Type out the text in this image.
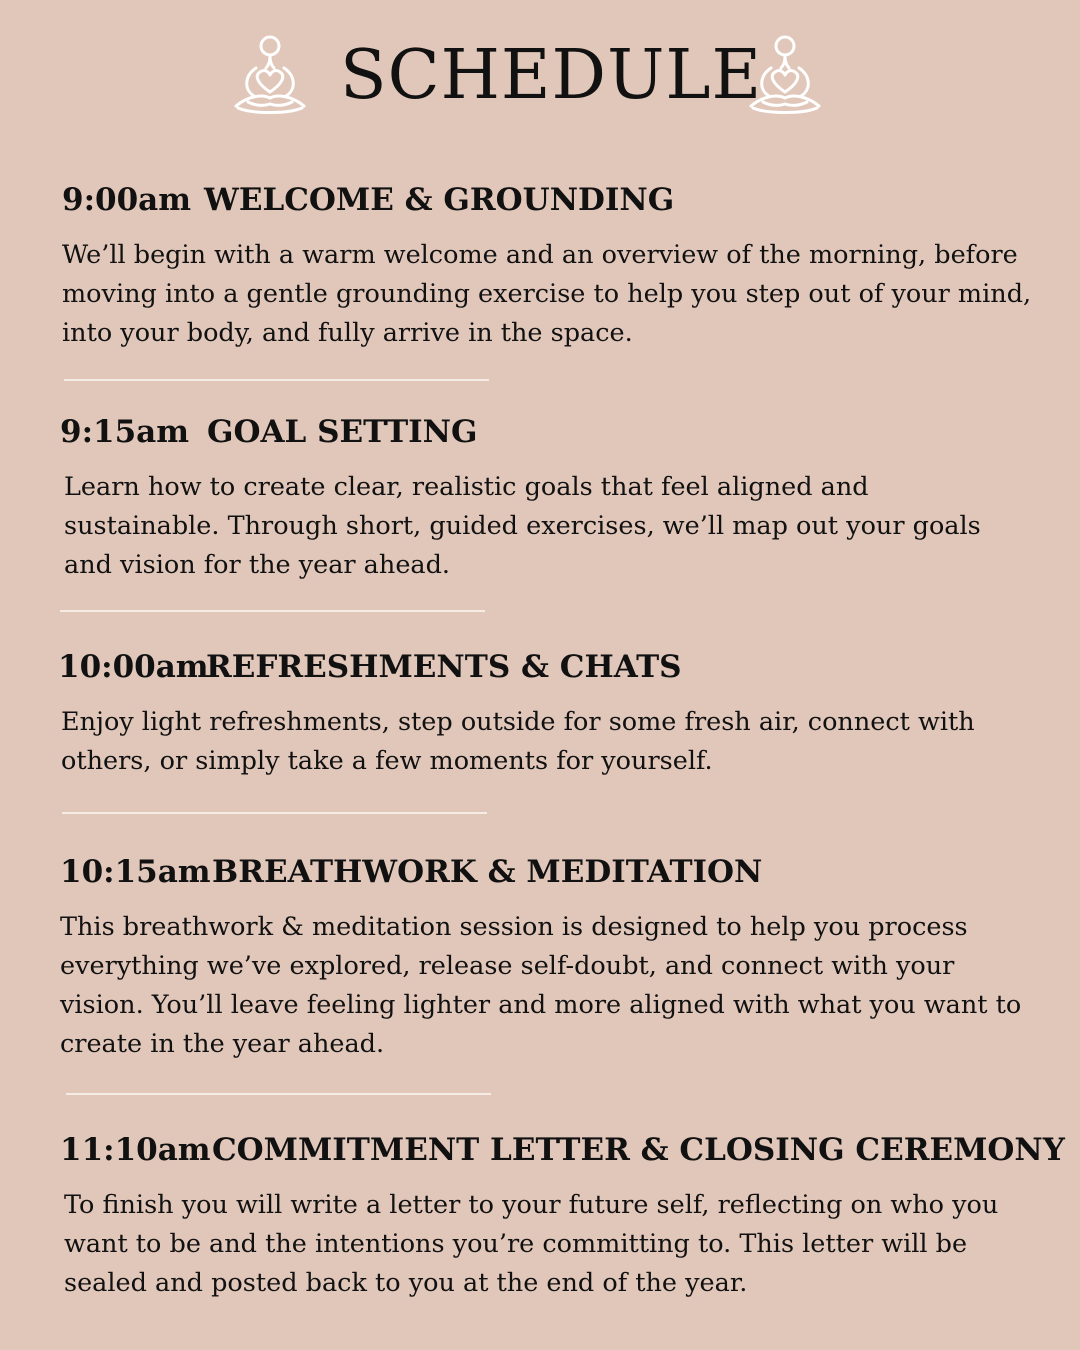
SCHEDULE
9:00am WELCOME & GROUNDING
We’ll begin with a warm welcome and an overview of the morning, before moving into a gentle grounding exercise to help you step out of your mind, into your body, and fully arrive in the space.
9:15am GOAL SETTING
Learn how to create clear, realistic goals that feel aligned and sustainable. Through short, guided exercises, we’ll map out your goals and vision for the year ahead.
10:00amREFRESHMENTS & CHATS
Enjoy light refreshments, step outside for some fresh air, connect with others, or simply take a few moments for yourself.
10:15amBREATHWORK & MEDITATION
This breathwork & meditation session is designed to help you process everything we’ve explored, release self-doubt, and connect with your vision. You’ll leave feeling lighter and more aligned with what you want to create in the year ahead.
11:10amCOMMITMENT LETTER & CLOSING CEREMONY
To finish you will write a letter to your future self, reflecting on who you want to be and the intentions you’re committing to. This letter will be sealed and posted back to you at the end of the year.
